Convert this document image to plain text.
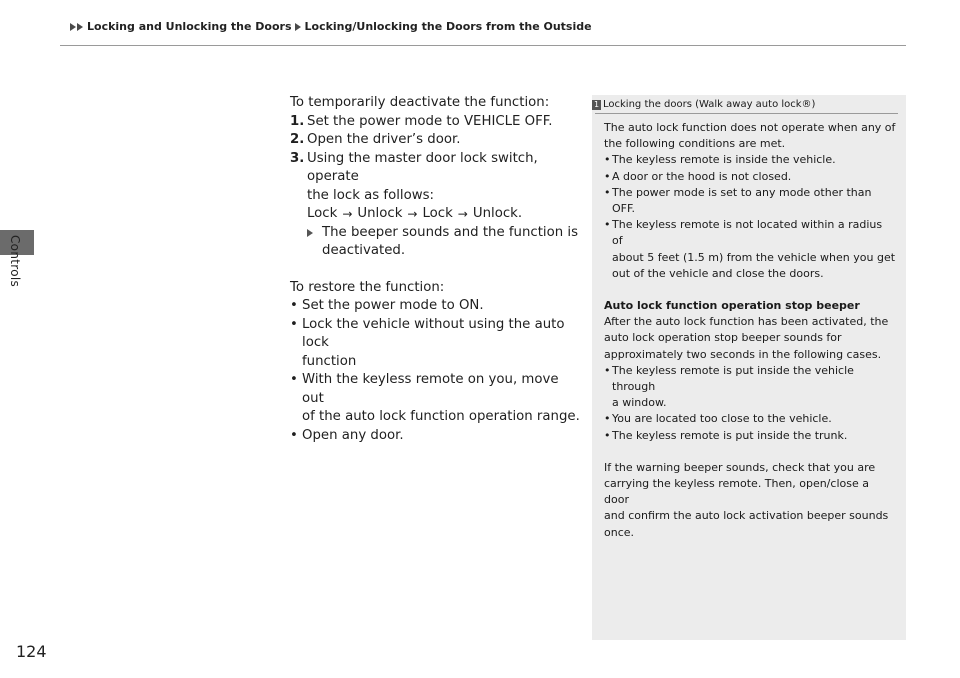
Locking and Unlocking the Doors Locking/Unlocking the Doors from the Outside
Controls
To temporarily deactivate the function:
1. Set the power mode to VEHICLE OFF.
2. Open the driver’s door.
3. Using the master door lock switch, operate
the lock as follows:
Lock → Unlock → Lock → Unlock.
The beeper sounds and the function is
deactivated.
To restore the function:
• Set the power mode to ON.
• Lock the vehicle without using the auto lock
function
• With the keyless remote on you, move out
of the auto lock function operation range.
• Open any door.
1 Locking the doors (Walk away auto lock®)
The auto lock function does not operate when any of
the following conditions are met.
• The keyless remote is inside the vehicle.
• A door or the hood is not closed.
• The power mode is set to any mode other than
OFF.
• The keyless remote is not located within a radius of
about 5 feet (1.5 m) from the vehicle when you get
out of the vehicle and close the doors.
Auto lock function operation stop beeper
After the auto lock function has been activated, the
auto lock operation stop beeper sounds for
approximately two seconds in the following cases.
• The keyless remote is put inside the vehicle through
a window.
• You are located too close to the vehicle.
• The keyless remote is put inside the trunk.
If the warning beeper sounds, check that you are
carrying the keyless remote. Then, open/close a door
and confirm the auto lock activation beeper sounds
once.
124
